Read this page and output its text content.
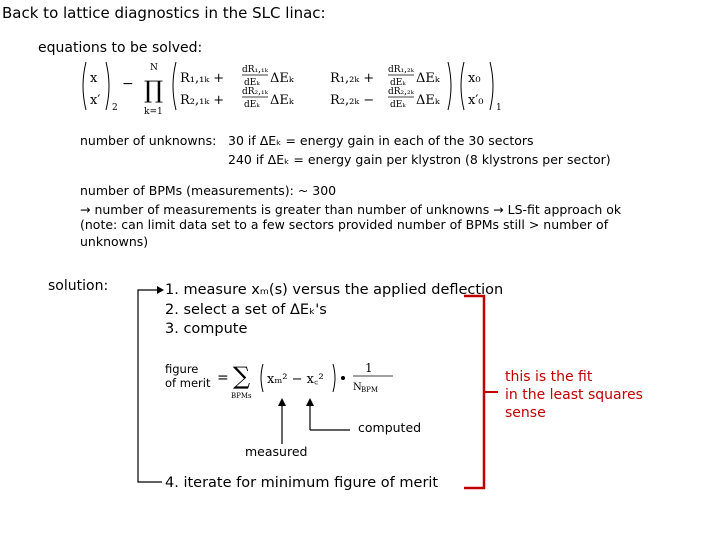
Back to lattice diagnostics in the SLC linac:
equations to be solved:
x
x′ 2
−
N
∏
k=1
R₁,₁ₖ +
R₂,₁ₖ +
dR₁,₁ₖ
dEₖ ΔEₖ
dR₂,₁ₖ
dEₖ ΔEₖ
R₁,₂ₖ +
R₂,₂ₖ −
dR₁,₂ₖ
dEₖ ΔEₖ
dR₂,₂ₖ
dEₖ ΔEₖ
x₀
x′₀ 1
number of unknowns: 30 if ΔEₖ = energy gain in each of the 30 sectors
240 if ΔEₖ = energy gain per klystron (8 klystrons per sector)
number of BPMs (measurements): ~ 300
→ number of measurements is greater than number of unknowns → LS-fit approach ok
(note: can limit data set to a few sectors provided number of BPMs still > number of
unknowns)
solution:	1. measure xₘ(s) versus the applied deflection
2. select a set of ΔEₖ's
3. compute
figure
of merit = ∑
BPMs
xₘ² − x꜀²
1
N BPM
computed
measured
4. iterate for minimum figure of merit
this is the fit
in the least squares
sense
